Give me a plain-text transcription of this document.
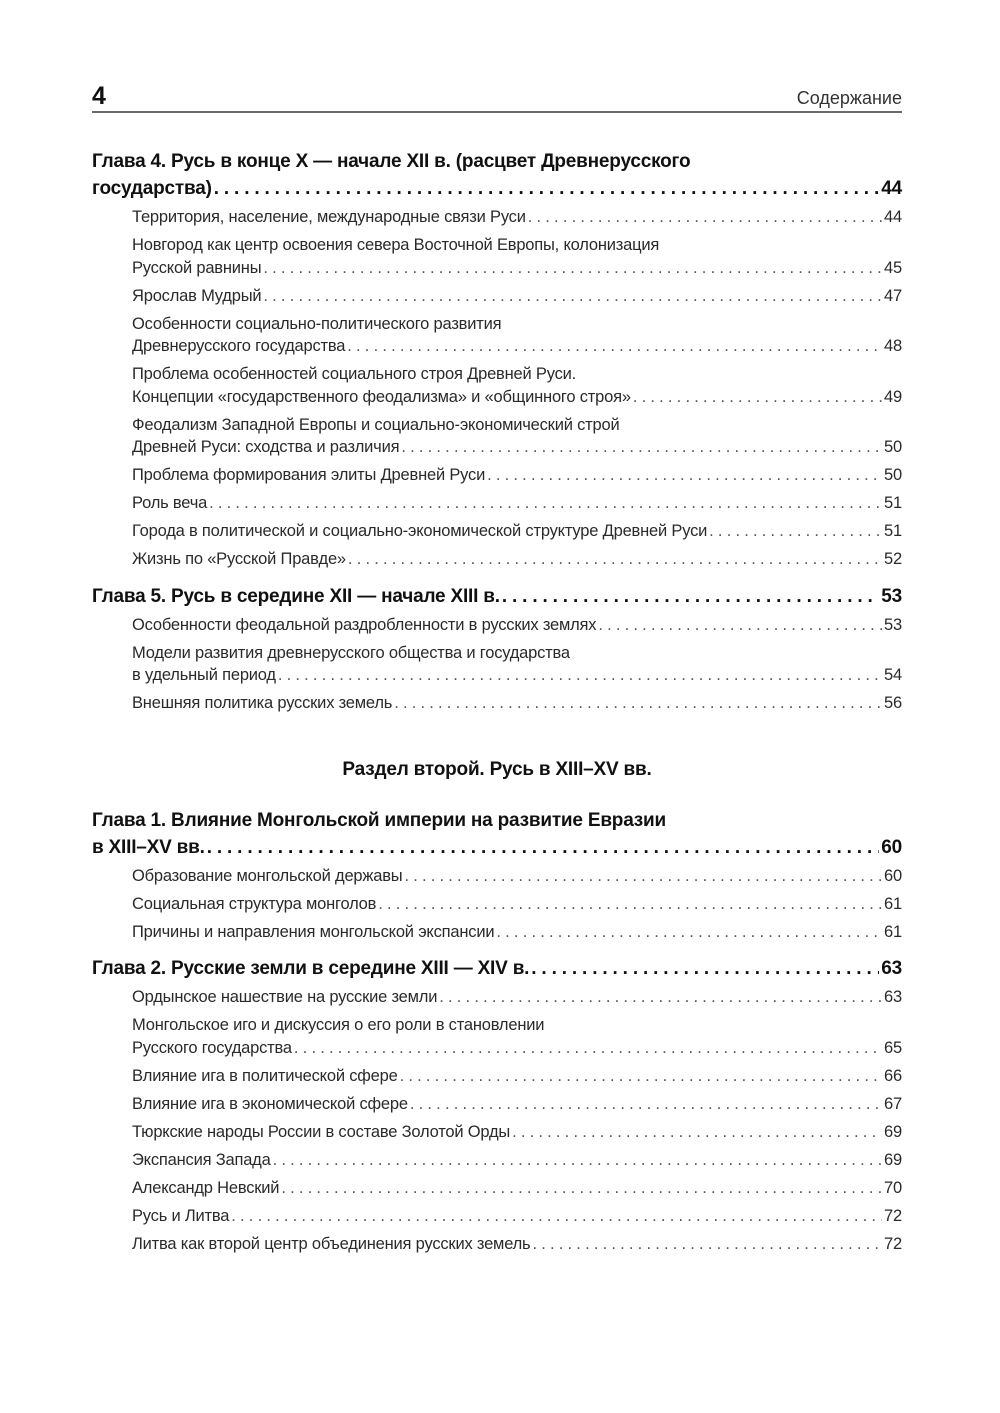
4	Содержание
Глава 4. Русь в конце X — начале XII в. (расцвет Древнерусского
государства) . . .	44
Территория, население, международные связи Руси . . .	44
Новгород как центр освоения севера Восточной Европы, колонизация
Русской равнины . . .	45
Ярослав Мудрый . . .	47
Особенности социально-политического развития
Древнерусского государства . . .	48
Проблема особенностей социального строя Древней Руси.
Концепции «государственного феодализма» и «общинного строя» . . .	49
Феодализм Западной Европы и социально-экономический строй
Древней Руси: сходства и различия . . .	50
Проблема формирования элиты Древней Руси . . .	50
Роль веча . . .	51
Города в политической и социально-экономической структуре Древней Руси . . .	51
Жизнь по «Русской Правде» . . .	52
Глава 5. Русь в середине XII — начале XIII в. . . .	53
Особенности феодальной раздробленности в русских землях . . .	53
Модели развития древнерусского общества и государства
в удельный период . . .	54
Внешняя политика русских земель . . .	56
Раздел второй. Русь в XIII–XV вв.
Глава 1. Влияние Монгольской империи на развитие Евразии
в XIII–XV вв. . . .	60
Образование монгольской державы . . .	60
Социальная структура монголов . . .	61
Причины и направления монгольской экспансии . . .	61
Глава 2. Русские земли в середине XIII — XIV в. . . .	63
Ордынское нашествие на русские земли . . .	63
Монгольское иго и дискуссия о его роли в становлении
Русского государства . . .	65
Влияние ига в политической сфере . . .	66
Влияние ига в экономической сфере . . .	67
Тюркские народы России в составе Золотой Орды . . .	69
Экспансия Запада . . .	69
Александр Невский . . .	70
Русь и Литва . . .	72
Литва как второй центр объединения русских земель . . .	72
